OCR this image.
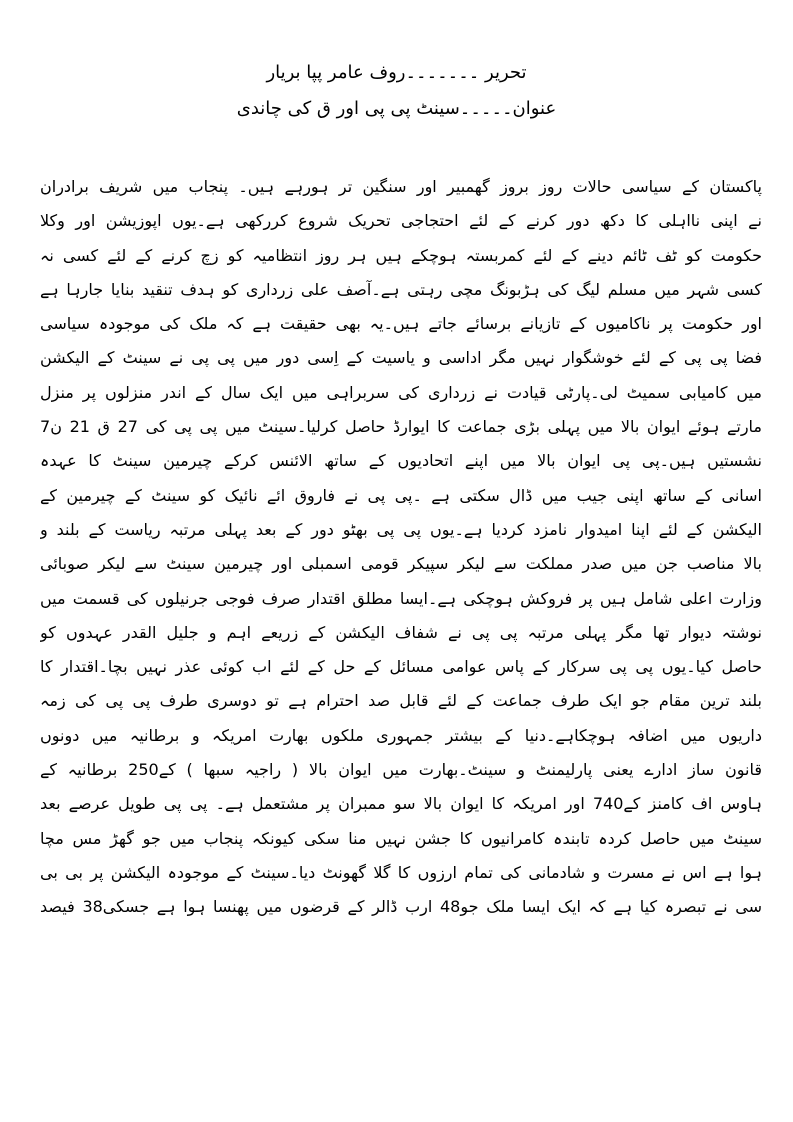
تحریر ۔۔۔۔۔۔۔روف عامر پپا بریار
عنوان۔۔۔۔۔سینٹ پی پی اور ق کی چاندی
پاکستان کے سیاسی حالات روز بروز گھمبیر اور سنگین تر ہورہے ہیں۔ پنجاب میں شریف برادران
نے اپنی نااہلی کا دکھ دور کرنے کے لئے احتجاجی تحریک شروع کررکھی ہے۔یوں اپوزیشن اور وکلا
حکومت کو ٹف ٹائم دینے کے لئے کمربستہ ہوچکے ہیں ہر روز انتظامیہ کو زچ کرنے کے لئے کسی نہ
کسی شہر میں مسلم لیگ کی ہڑبونگ مچی رہتی ہے۔آصف علی زرداری کو ہدف تنقید بنایا جارہا ہے
اور حکومت پر ناکامیوں کے تازیانے برسائے جاتے ہیں۔یہ بھی حقیقت ہے کہ ملک کی موجودہ سیاسی
فضا پی پی کے لئے خوشگوار نہیں مگر اداسی و یاسیت کے اِسی دور میں پی پی نے سینٹ کے الیکشن
میں کامیابی سمیٹ لی۔پارٹی قیادت نے زرداری کی سربراہی میں ایک سال کے اندر منزلوں پر منزل
مارتے ہوئے ایوان بالا میں پہلی بڑی جماعت کا ایوارڈ حاصل کرلیا۔سینٹ میں پی پی کی 27 ق 21 ن7
نشستیں ہیں۔پی پی ایوان بالا میں اپنے اتحادیوں کے ساتھ الائنس کرکے چیرمین سینٹ کا عہدہ
اسانی کے ساتھ اپنی جیب میں ڈال سکتی ہے ۔پی پی نے فاروق ائے نائیک کو سینٹ کے چیرمین کے
الیکشن کے لئے اپنا امیدوار نامزد کردیا ہے۔یوں پی پی بھٹو دور کے بعد پہلی مرتبہ ریاست کے بلند و
بالا مناصب جن میں صدر مملکت سے لیکر سپیکر قومی اسمبلی اور چیرمین سینٹ سے لیکر صوبائی
وزارت اعلی شامل ہیں پر فروکش ہوچکی ہے۔ایسا مطلق اقتدار صرف فوجی جرنیلوں کی قسمت میں
نوشتہ دیوار تھا مگر پہلی مرتبہ پی پی نے شفاف الیکشن کے زریعے اہم و جلیل القدر عہدوں کو
حاصل کیا۔یوں پی پی سرکار کے پاس عوامی مسائل کے حل کے لئے اب کوئی عذر نہیں بچا۔اقتدار کا
بلند ترین مقام جو ایک طرف جماعت کے لئے قابل صد احترام ہے تو دوسری طرف پی پی کی زمہ
داریوں میں اضافہ ہوچکاہے۔دنیا کے بیشتر جمہوری ملکوں بھارت امریکہ و برطانیہ میں دونوں
قانون ساز ادارے یعنی پارلیمنٹ و سینٹ۔بھارت میں ایوان بالا ( راجیہ سبھا ) کے250 برطانیہ کے
ہاوس اف کامنز کے740 اور امریکہ کا ایوان بالا سو ممبران پر مشتعمل ہے۔ پی پی طویل عرصے بعد
سینٹ میں حاصل کردہ تابندہ کامرانیوں کا جشن نہیں منا سکی کیونکہ پنجاب میں جو گھڑ مس مچا
ہوا ہے اس نے مسرت و شادمانی کی تمام ارزوں کا گلا گھونٹ دیا۔سینٹ کے موجودہ الیکشن پر بی بی
سی نے تبصرہ کیا ہے کہ ایک ایسا ملک جو48 ارب ڈالر کے قرضوں میں پھنسا ہوا ہے جسکی38 فیصد
